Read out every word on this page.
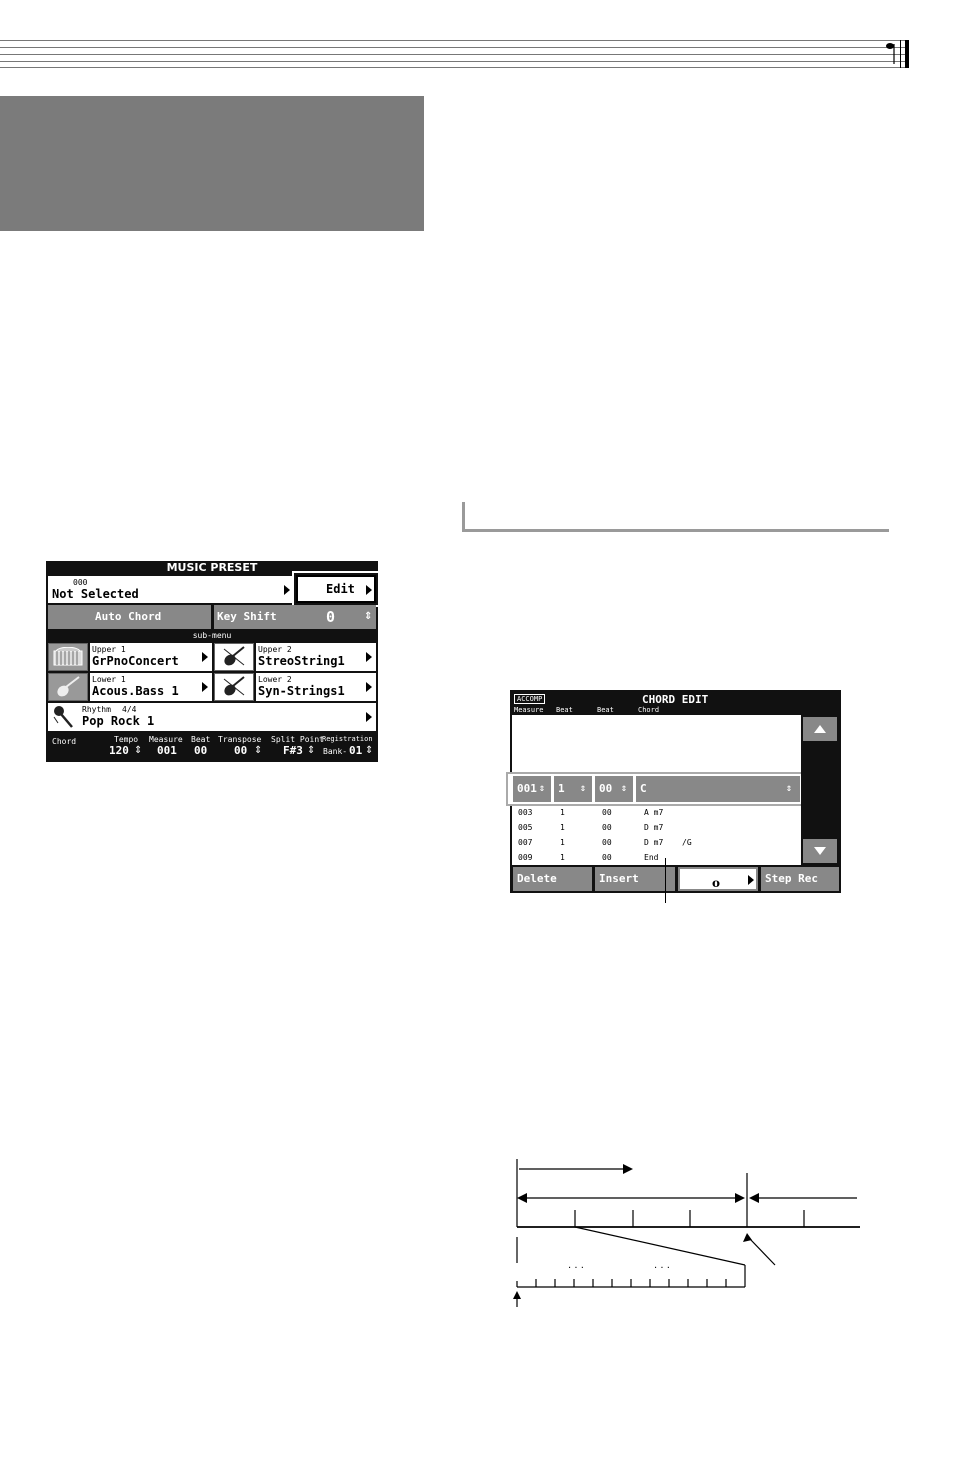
MUSIC PRESET
000
Not Selected	Edit
Auto Chord	Key Shift	0	⇕
sub-menu
Upper 1
GrPnoConcert
Upper 2
StreoString1
Lower 1
Acous.Bass 1
Lower 2
Syn-Strings1
Rhythm 4/4
Pop Rock 1
Chord	Tempo
120 ⇕
Measure
001
Beat
00
Transpose
00 ⇕
Split Point
F#3 ⇕
Registration
Bank- 01 ⇕
ACCOMP	CHORD EDIT
Measure Beat	Beat	Chord
001 ⇕	1 ⇕	00 ⇕	C	⇕
003	1	00	A m7
005	1	00	D m7
007	1	00	D m7 /G
009	1	00	End
Delete	Insert	o	Step Rec
. . .	. . .
